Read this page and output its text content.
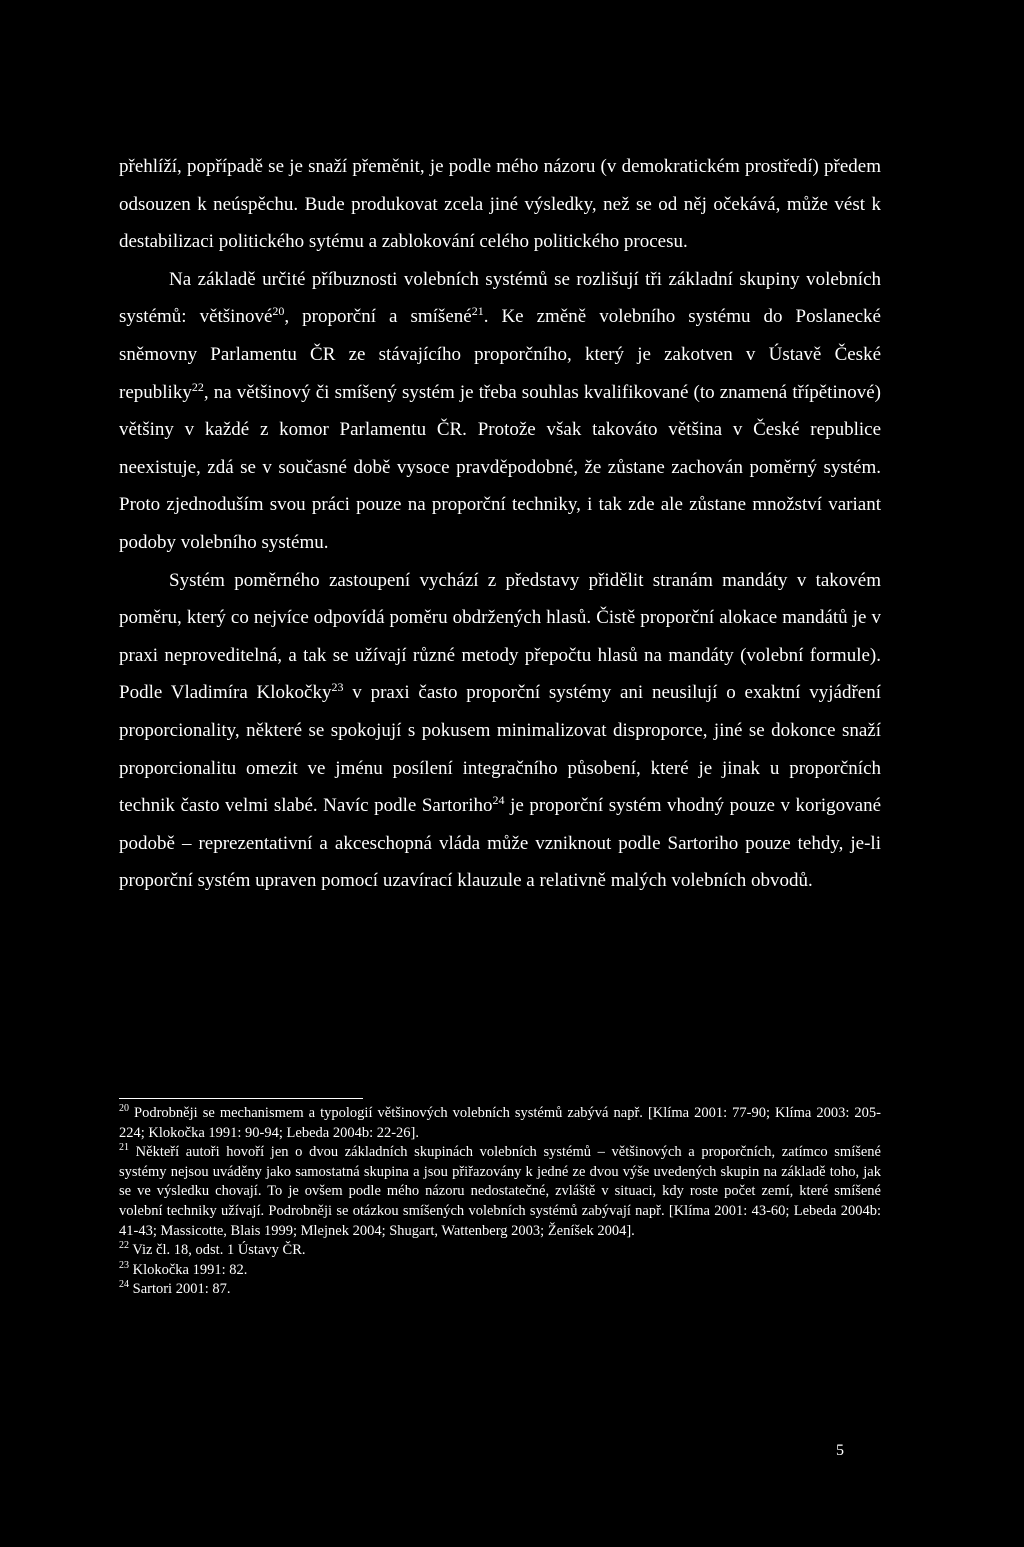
přehlíží, popřípadě se je snaží přeměnit, je podle mého názoru (v demokratickém prostředí) předem odsouzen k neúspěchu. Bude produkovat zcela jiné výsledky, než se od něj očekává, může vést k destabilizaci politického sytému a zablokování celého politického procesu.

Na základě určité příbuznosti volebních systémů se rozlišují tři základní skupiny volebních systémů: většinové$^{20}$, proporční a smíšené$^{21}$. Ke změně volebního systému do Poslanecké sněmovny Parlamentu ČR ze stávajícího proporčního, který je zakotven v Ústavě České republiky$^{22}$, na většinový či smíšený systém je třeba souhlas kvalifikované (to znamená třípětinové) většiny v každé z komor Parlamentu ČR. Protože však takováto většina v České republice neexistuje, zdá se v současné době vysoce pravděpodobné, že zůstane zachován poměrný systém. Proto zjednoduším svou práci pouze na proporční techniky, i tak zde ale zůstane množství variant podoby volebního systému.

Systém poměrného zastoupení vychází z představy přidělit stranám mandáty v takovém poměru, který co nejvíce odpovídá poměru obdržených hlasů. Čistě proporční alokace mandátů je v praxi neproveditelná, a tak se užívají různé metody přepočtu hlasů na mandáty (volební formule). Podle Vladimíra Klokočky$^{23}$ v praxi často proporční systémy ani neusilují o exaktní vyjádření proporcionality, některé se spokojují s pokusem minimalizovat disproporce, jiné se dokonce snaží proporcionalitu omezit ve jménu posílení integračního působení, které je jinak u proporčních technik často velmi slabé. Navíc podle Sartoriho$^{24}$ je proporční systém vhodný pouze v korigované podobě – reprezentativní a akceschopná vláda může vzniknout podle Sartoriho pouze tehdy, je-li proporční systém upraven pomocí uzavírací klauzule a relativně malých volebních obvodů.

$^{20}$ Podrobněji se mechanismem a typologií většinových volebních systémů zabývá např. [Klíma 2001: 77-90; Klíma 2003: 205-224; Klokočka 1991: 90-94; Lebeda 2004b: 22-26].

$^{21}$ Někteří autoři hovoří jen o dvou základních skupinách volebních systémů – většinových a proporčních, zatímco smíšené systémy nejsou uváděny jako samostatná skupina a jsou přiřazovány k jedné ze dvou výše uvedených skupin na základě toho, jak se ve výsledku chovají. To je ovšem podle mého názoru nedostatečné, zvláště v situaci, kdy roste počet zemí, které smíšené volební techniky užívají. Podrobněji se otázkou smíšených volebních systémů zabývají např. [Klíma 2001: 43-60; Lebeda 2004b: 41-43; Massicotte, Blais 1999; Mlejnek 2004; Shugart, Wattenberg 2003; Ženíšek 2004].

$^{22}$ Viz čl. 18, odst. 1 Ústavy ČR.

$^{23}$ Klokočka 1991: 82.

$^{24}$ Sartori 2001: 87.

5
